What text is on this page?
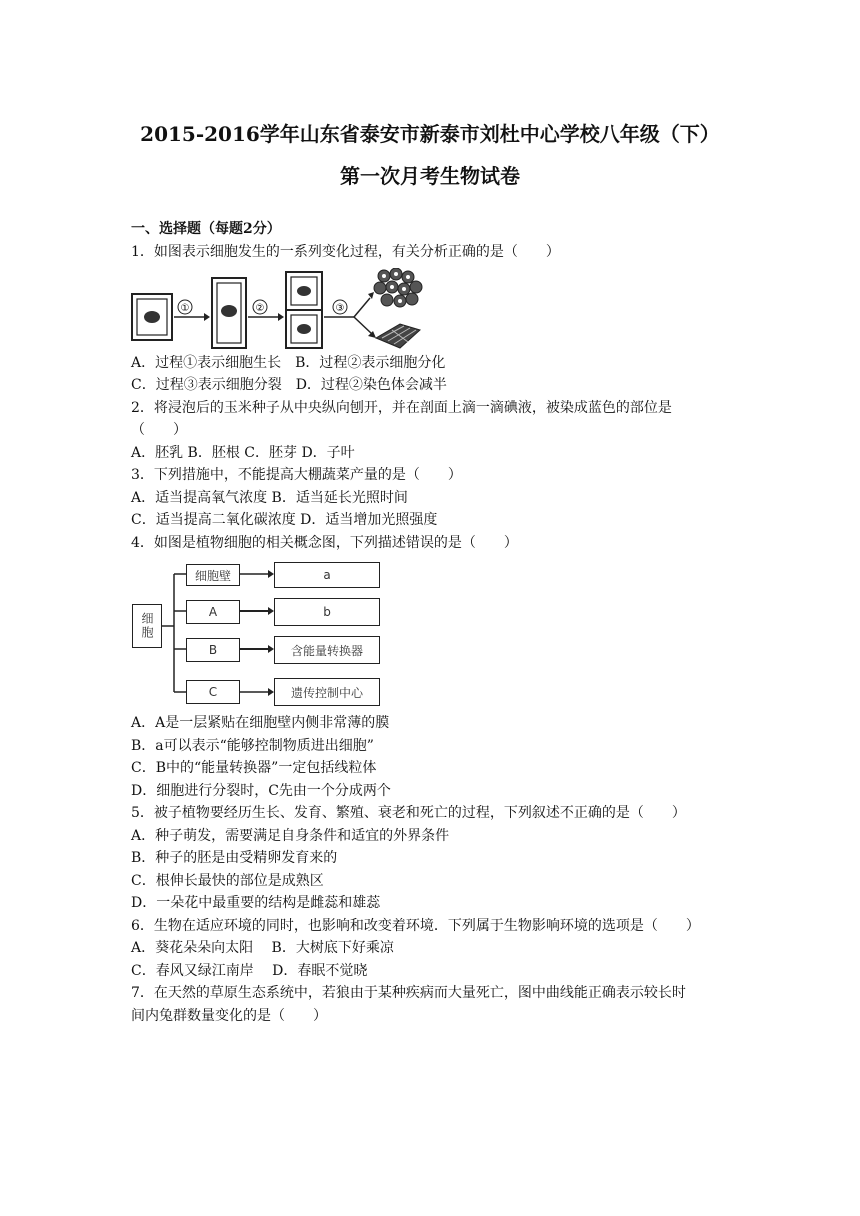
2015-2016学年山东省泰安市新泰市刘杜中心学校八年级（下）
第一次月考生物试卷
一、选择题（每题2分）
1．如图表示细胞发生的一系列变化过程，有关分析正确的是（　　）
①	②	③
A．过程①表示细胞生长　B．过程②表示细胞分化
C．过程③表示细胞分裂　D．过程②染色体会减半
2．将浸泡后的玉米种子从中央纵向刨开，并在剖面上滴一滴碘液，被染成蓝色的部位是
（　　）
A．胚乳 B．胚根 C．胚芽 D．子叶
3．下列措施中，不能提高大棚蔬菜产量的是（　　）
A．适当提高氧气浓度 B．适当延长光照时间
C．适当提高二氧化碳浓度 D．适当增加光照强度
4．如图是植物细胞的相关概念图，下列描述错误的是（　　）
细胞
细胞壁
A
B
C
a
b
含能量转换器
遗传控制中心
A．A是一层紧贴在细胞壁内侧非常薄的膜
B．a可以表示“能够控制物质进出细胞”
C．B中的“能量转换器”一定包括线粒体
D．细胞进行分裂时，C先由一个分成两个
5．被子植物要经历生长、发育、繁殖、衰老和死亡的过程，下列叙述不正确的是（　　）
A．种子萌发，需要满足自身条件和适宜的外界条件
B．种子的胚是由受精卵发育来的
C．根伸长最快的部位是成熟区
D．一朵花中最重要的结构是雌蕊和雄蕊
6．生物在适应环境的同时，也影响和改变着环境．下列属于生物影响环境的选项是（　　）
A．葵花朵朵向太阳　 B．大树底下好乘凉
C．春风又绿江南岸　 D．春眠不觉晓
7．在天然的草原生态系统中，若狼由于某种疾病而大量死亡，图中曲线能正确表示较长时
间内兔群数量变化的是（　　）
